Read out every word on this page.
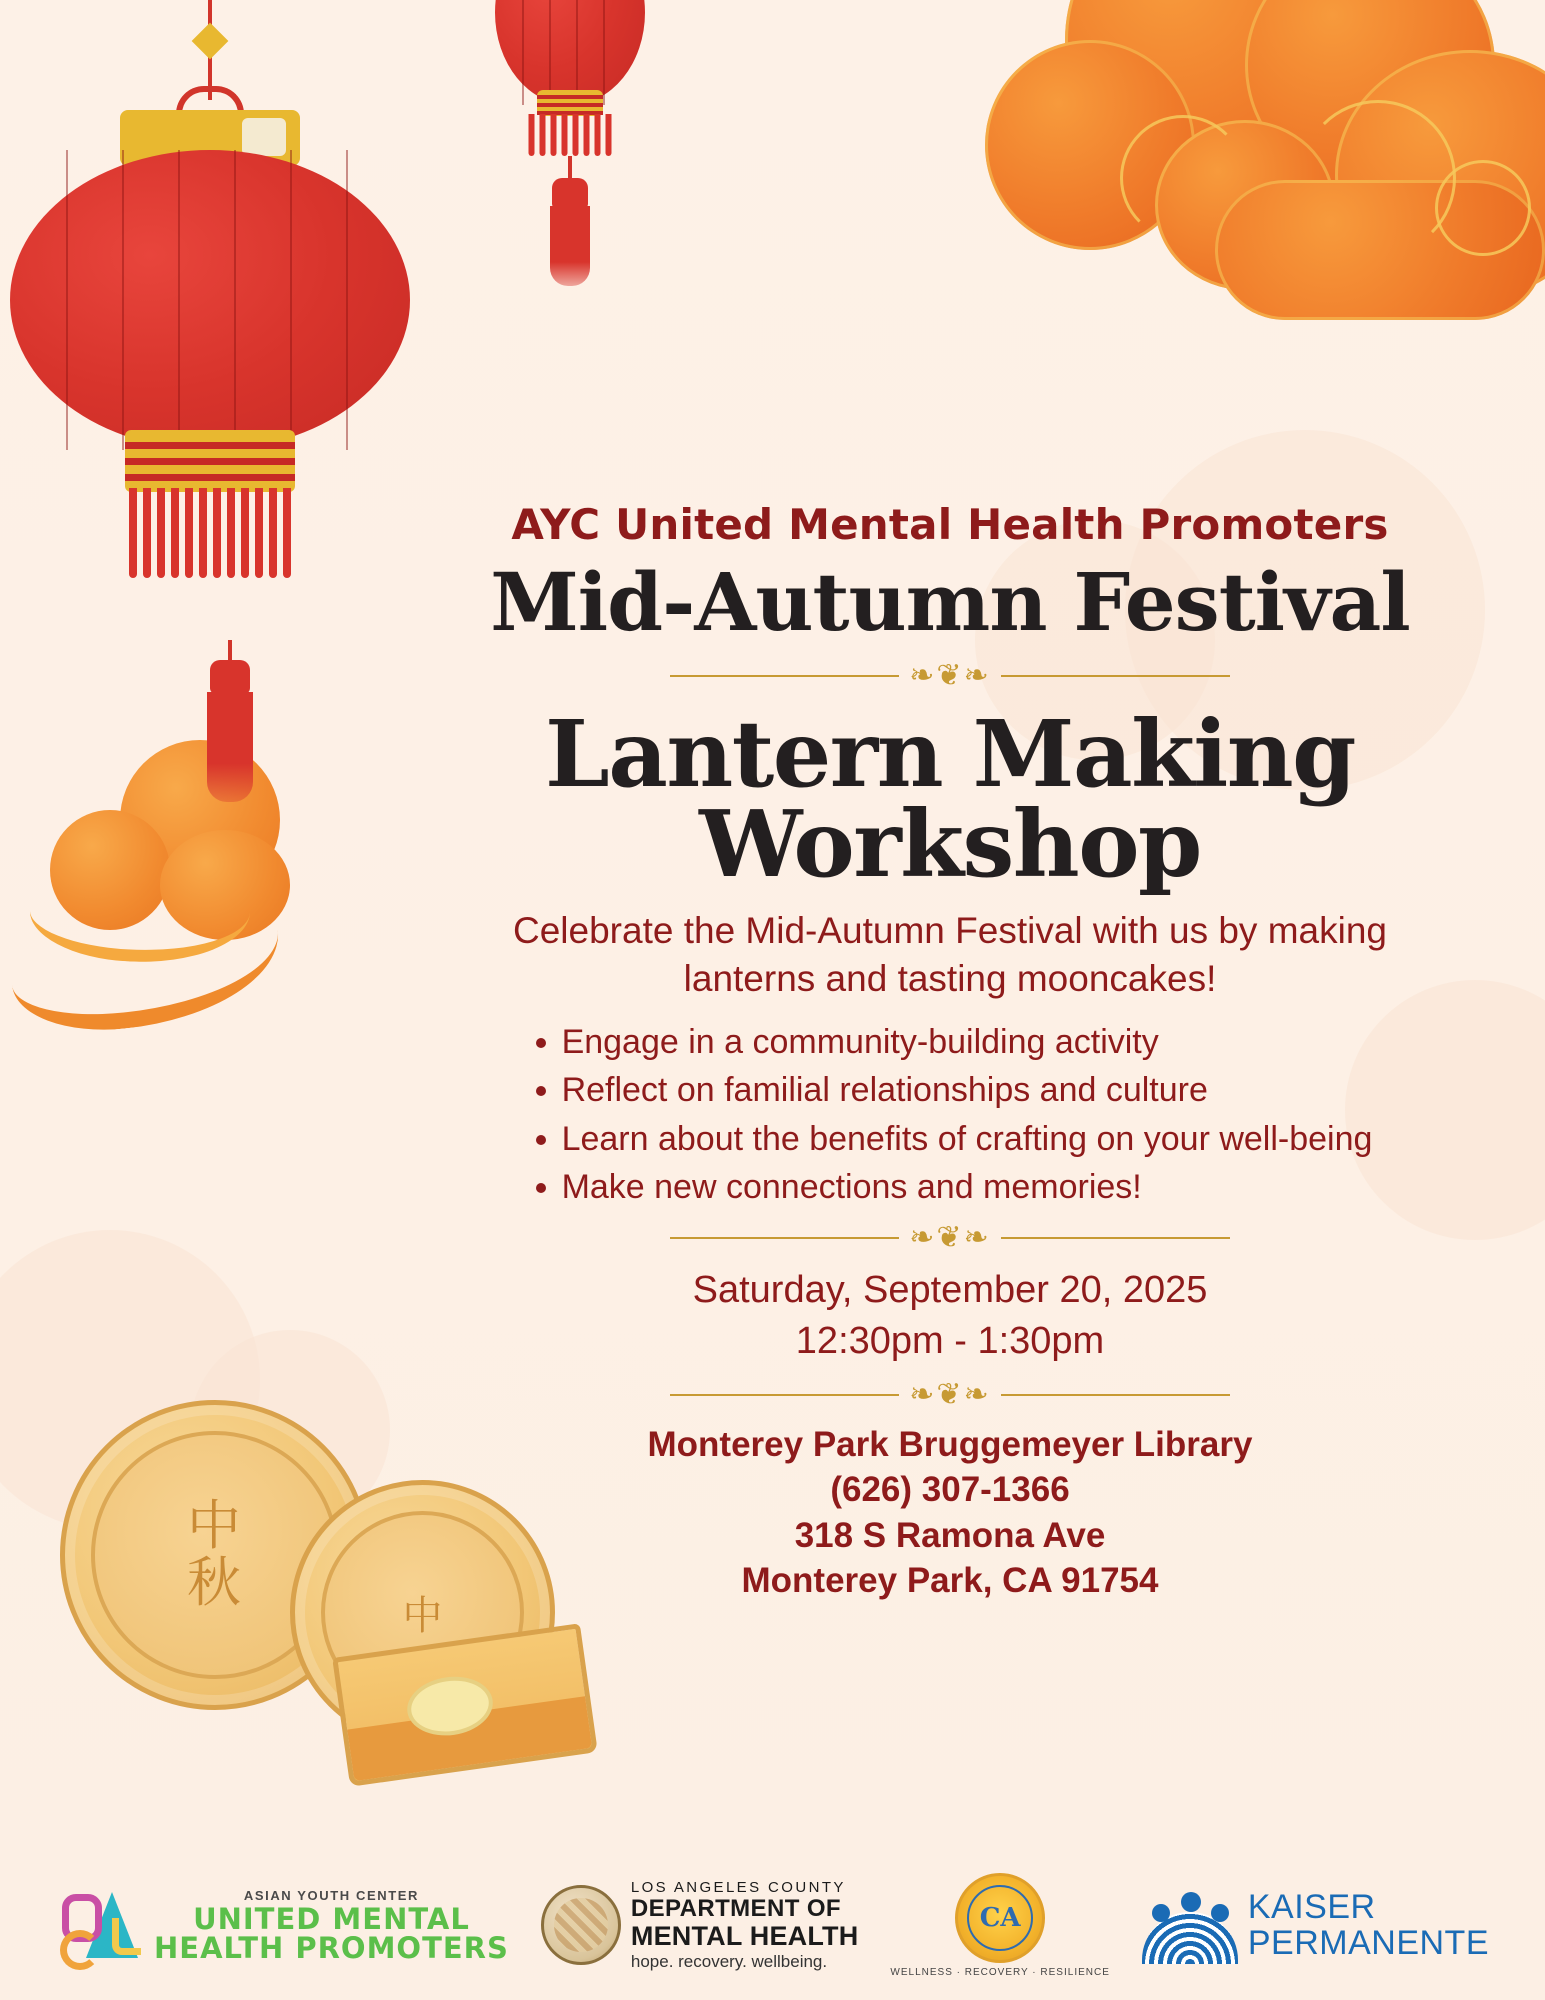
中
秋
中
AYC United Mental Health Promoters
Mid-Autumn Festival
❧❦❧
Lantern Making
Workshop
Celebrate the Mid-Autumn Festival with us by making lanterns and tasting mooncakes!
Engage in a community-building activity
Reflect on familial relationships and culture
Learn about the benefits of crafting on your well-being
Make new connections and memories!
❧❦❧
Saturday, September 20, 2025
12:30pm - 1:30pm
❧❦❧
Monterey Park Bruggemeyer Library
(626) 307-1366
318 S Ramona Ave
Monterey Park, CA 91754
ASIAN YOUTH CENTER
UNITED MENTAL
HEALTH PROMOTERS
LOS ANGELES COUNTY
DEPARTMENT OF
MENTAL HEALTH
hope. recovery. wellbeing.
CA
WELLNESS · RECOVERY · RESILIENCE
KAISER
PERMANENTE
